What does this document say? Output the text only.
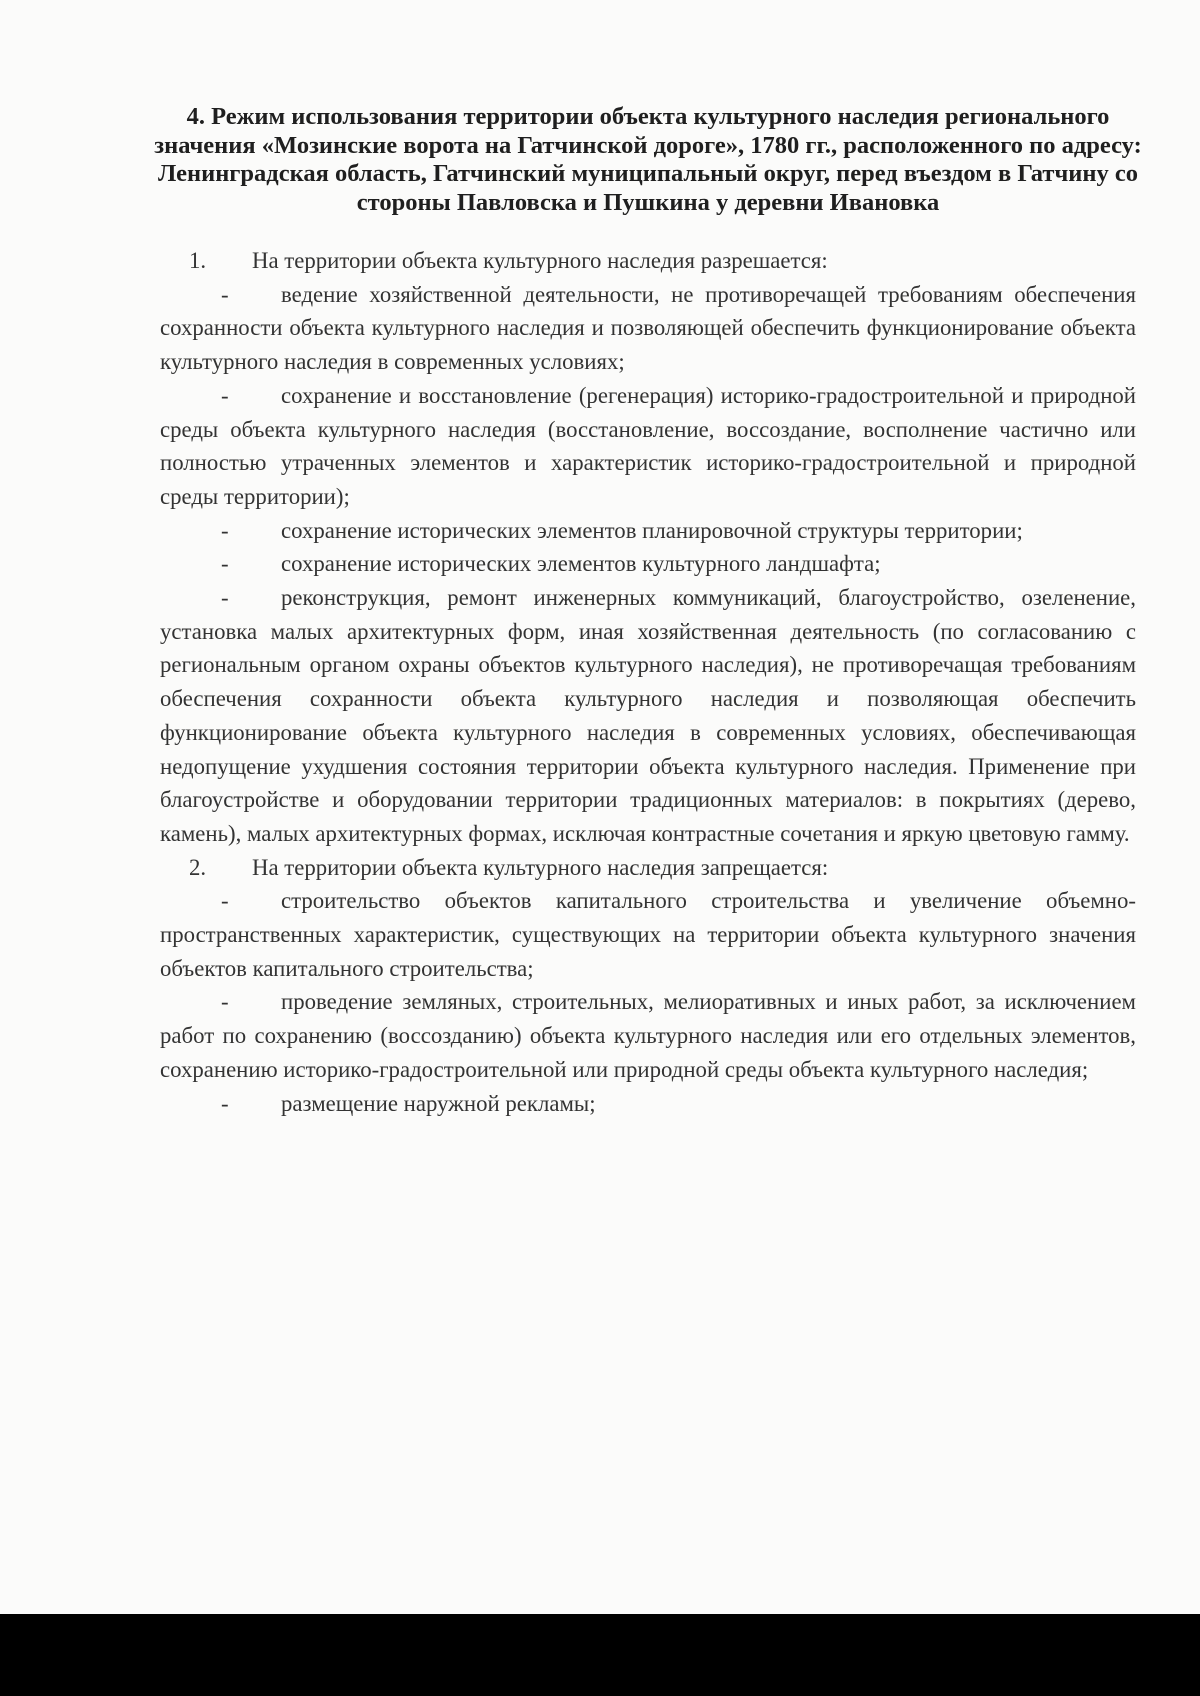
4. Режим использования территории объекта культурного наследия регионального значения «Мозинские ворота на Гатчинской дороге», 1780 гг., расположенного по адресу: Ленинградская область, Гатчинский муниципальный округ, перед въездом в Гатчину со стороны Павловска и Пушкина у деревни Ивановка

1. На территории объекта культурного наследия разрешается:

- ведение хозяйственной деятельности, не противоречащей требованиям обеспечения сохранности объекта культурного наследия и позволяющей обеспечить функционирование объекта культурного наследия в современных условиях;

- сохранение и восстановление (регенерация) историко-градостроительной и природной среды объекта культурного наследия (восстановление, воссоздание, восполнение частично или полностью утраченных элементов и характеристик историко-градостроительной и природной среды территории);

- сохранение исторических элементов планировочной структуры территории;

- сохранение исторических элементов культурного ландшафта;

- реконструкция, ремонт инженерных коммуникаций, благоустройство, озеленение, установка малых архитектурных форм, иная хозяйственная деятельность (по согласованию с региональным органом охраны объектов культурного наследия), не противоречащая требованиям обеспечения сохранности объекта культурного наследия и позволяющая обеспечить функционирование объекта культурного наследия в современных условиях, обеспечивающая недопущение ухудшения состояния территории объекта культурного наследия. Применение при благоустройстве и оборудовании территории традиционных материалов: в покрытиях (дерево, камень), малых архитектурных формах, исключая контрастные сочетания и яркую цветовую гамму.

2. На территории объекта культурного наследия запрещается:

- строительство объектов капитального строительства и увеличение объемно-пространственных характеристик, существующих на территории объекта культурного значения объектов капитального строительства;

- проведение земляных, строительных, мелиоративных и иных работ, за исключением работ по сохранению (воссозданию) объекта культурного наследия или его отдельных элементов, сохранению историко-градостроительной или природной среды объекта культурного наследия;

- размещение наружной рекламы;
